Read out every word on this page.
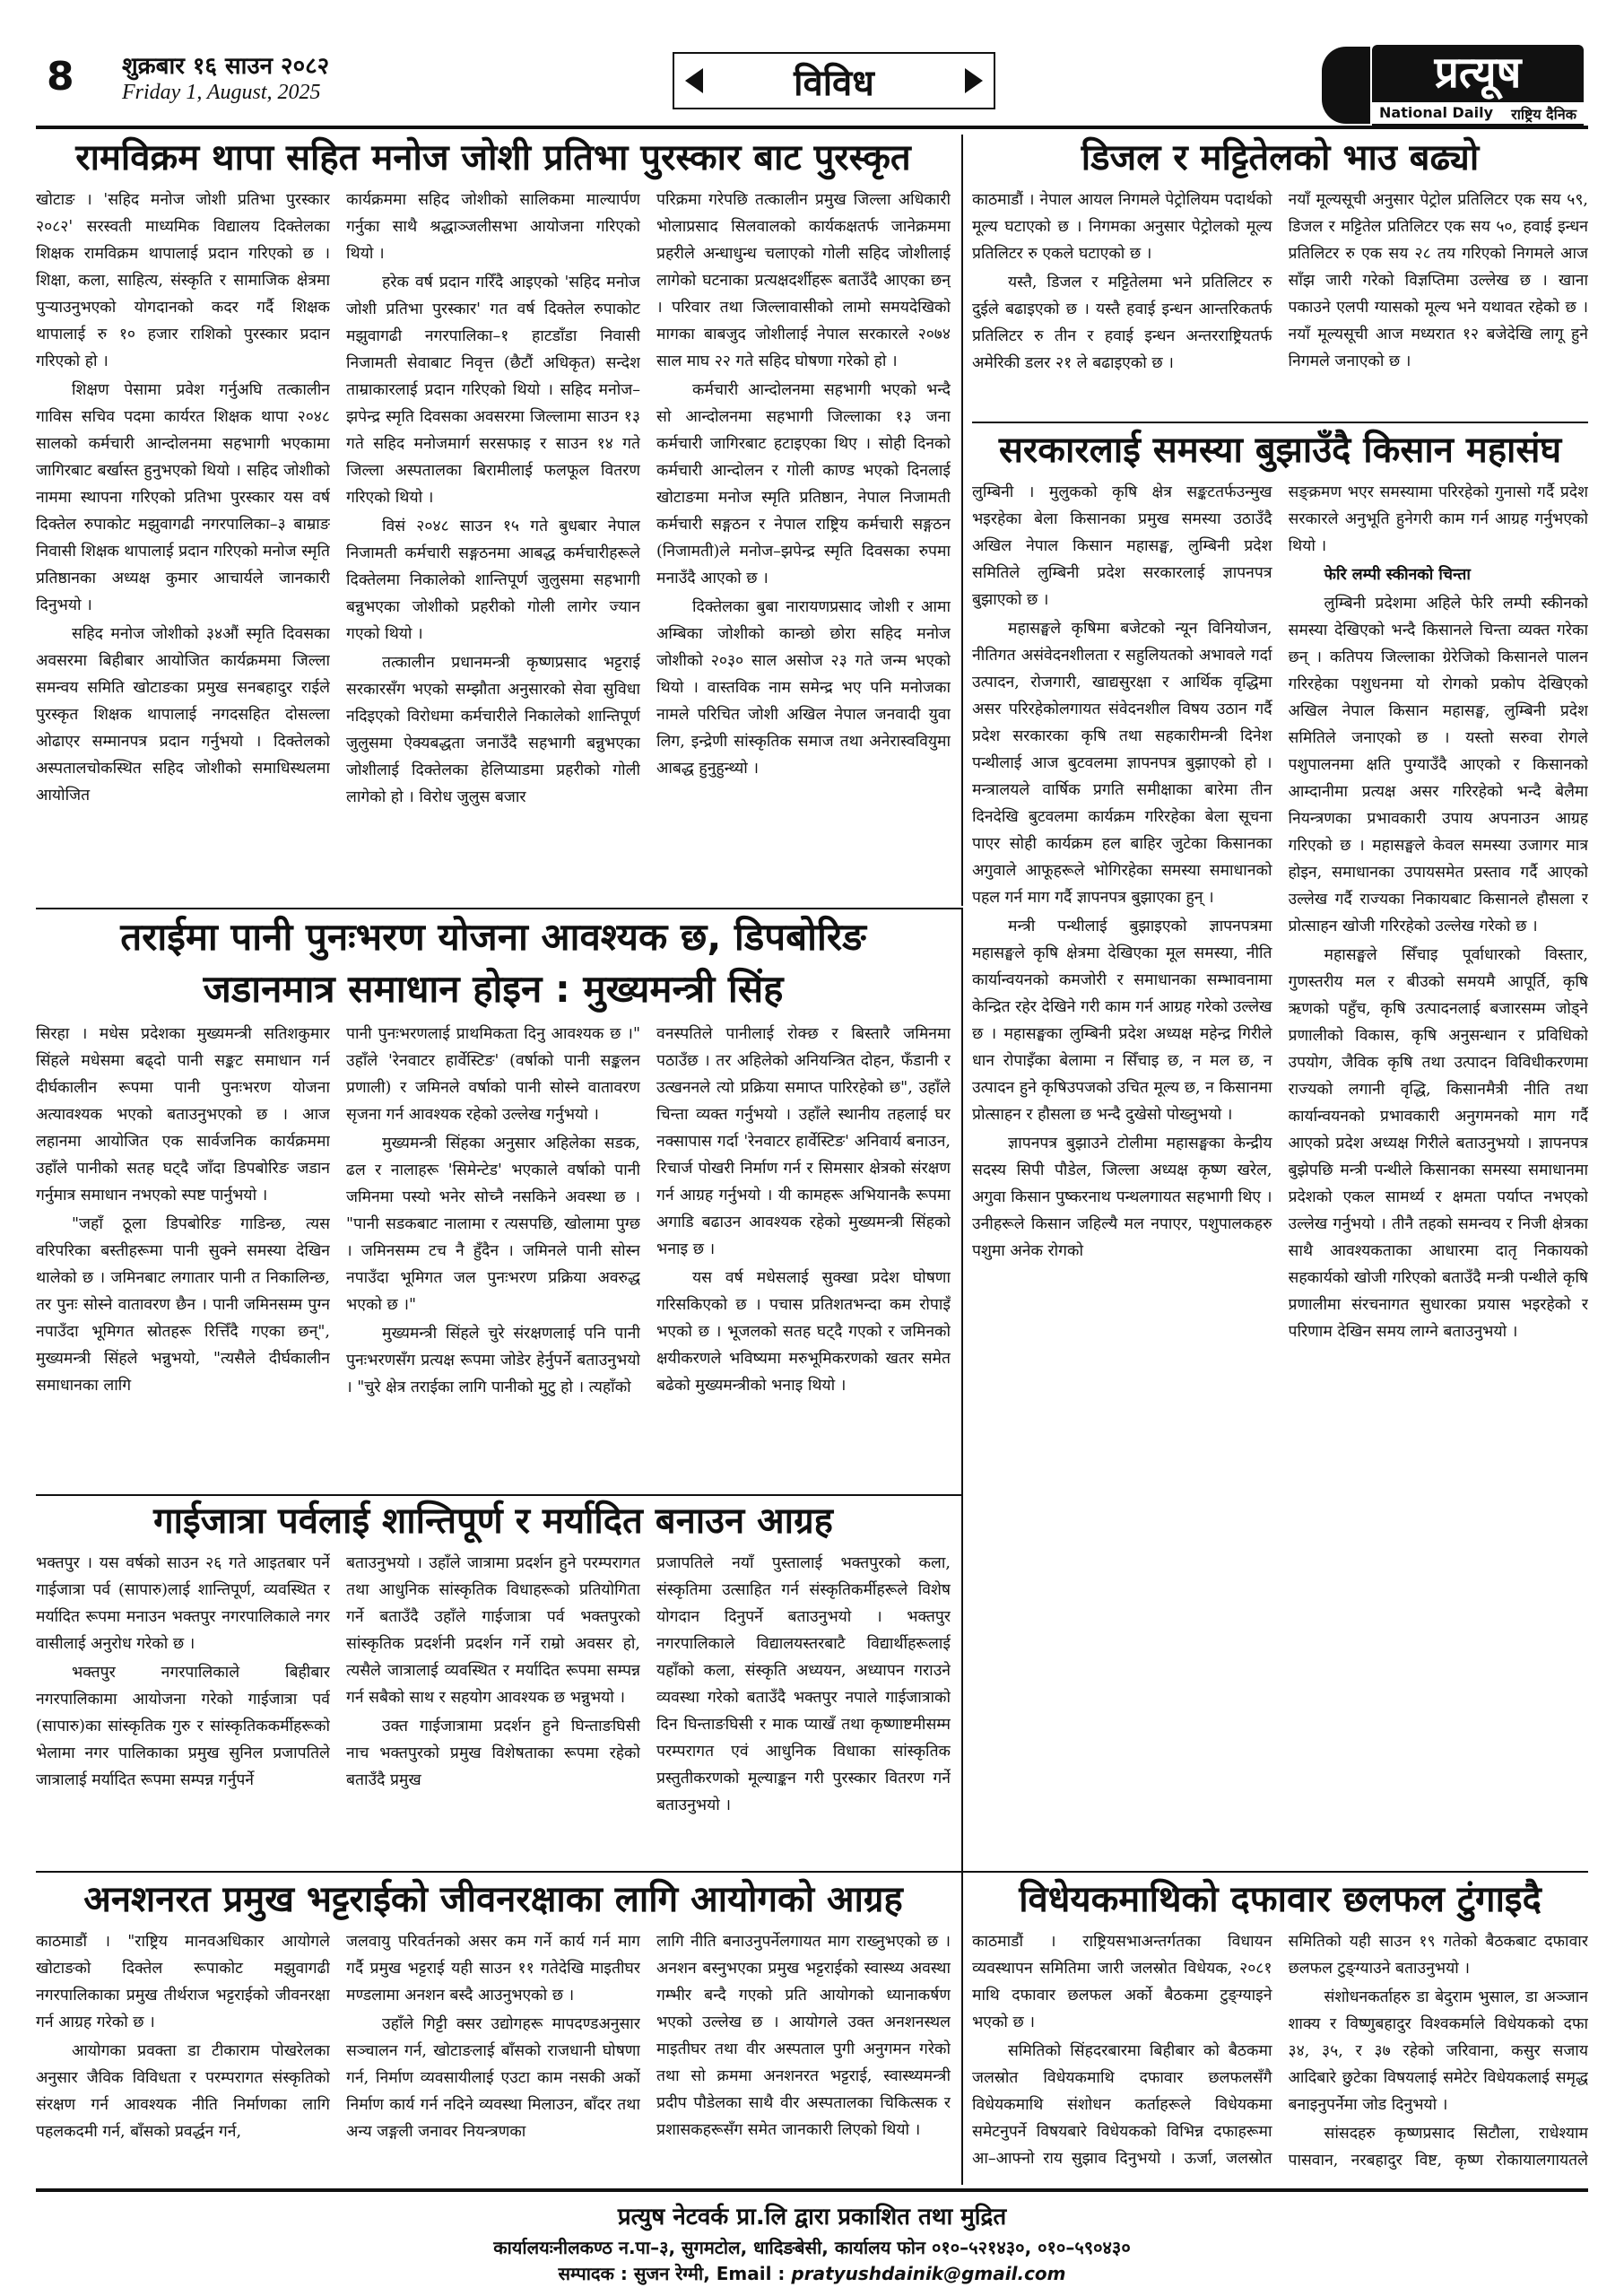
8 शुक्रबार १६ साउन २०८२
Friday 1, August, 2025	विविध	प्रत्यूष
National Daily राष्ट्रिय दैनिक
रामविक्रम थापा सहित मनोज जोशी प्रतिभा पुरस्कार बाट पुरस्कृत

खोटाङ । 'सहिद मनोज जोशी प्रतिभा पुरस्कार २०८२' सरस्वती माध्यमिक विद्यालय दिक्तेलका शिक्षक रामविक्रम थापालाई प्रदान गरिएको छ । शिक्षा, कला, साहित्य, संस्कृति र सामाजिक क्षेत्रमा पुर्‍याउनुभएको योगदानको कदर गर्दै शिक्षक थापालाई रु १० हजार राशिको पुरस्कार प्रदान गरिएको हो ।

शिक्षण पेसामा प्रवेश गर्नुअघि तत्कालीन गाविस सचिव पदमा कार्यरत शिक्षक थापा २०४८ सालको कर्मचारी आन्दोलनमा सहभागी भएकामा जागिरबाट बर्खास्त हुनुभएको थियो । सहिद जोशीको नाममा स्थापना गरिएको प्रतिभा पुरस्कार यस वर्ष दिक्तेल रुपाकोट मझुवागढी नगरपालिका–३ बाम्राङ निवासी शिक्षक थापालाई प्रदान गरिएको मनोज स्मृति प्रतिष्ठानका अध्यक्ष कुमार आचार्यले जानकारी दिनुभयो ।

सहिद मनोज जोशीको ३४औं स्मृति दिवसका अवसरमा बिहीबार आयोजित कार्यक्रममा जिल्ला समन्वय समिति खोटाङका प्रमुख सनबहादुर राईले पुरस्कृत शिक्षक थापालाई नगदसहित दोसल्ला ओढाएर सम्मानपत्र प्रदान गर्नुभयो । दिक्तेलको अस्पतालचोकस्थित सहिद जोशीको समाधिस्थलमा आयोजित

कार्यक्रममा सहिद जोशीको सालिकमा माल्यार्पण गर्नुका साथै श्रद्धाञ्जलीसभा आयोजना गरिएको थियो ।

हरेक वर्ष प्रदान गरिँदै आइएको 'सहिद मनोज जोशी प्रतिभा पुरस्कार' गत वर्ष दिक्तेल रुपाकोट मझुवागढी नगरपालिका–१ हाटडाँडा निवासी निजामती सेवाबाट निवृत्त (छैटौं अधिकृत) सन्देश ताम्राकारलाई प्रदान गरिएको थियो । सहिद मनोज–झपेन्द्र स्मृति दिवसका अवसरमा जिल्लामा साउन १३ गते सहिद मनोजमार्ग सरसफाइ र साउन १४ गते जिल्ला अस्पतालका बिरामीलाई फलफूल वितरण गरिएको थियो ।

विसं २०४८ साउन १५ गते बुधबार नेपाल निजामती कर्मचारी सङ्गठनमा आबद्ध कर्मचारीहरूले दिक्तेलमा निकालेको शान्तिपूर्ण जुलुसमा सहभागी बन्नुभएका जोशीको प्रहरीको गोली लागेर ज्यान गएको थियो ।

तत्कालीन प्रधानमन्त्री कृष्णप्रसाद भट्टराई सरकारसँग भएको सम्झौता अनुसारको सेवा सुविधा नदिइएको विरोधमा कर्मचारीले निकालेको शान्तिपूर्ण जुलुसमा ऐक्यबद्धता जनाउँदै सहभागी बन्नुभएका जोशीलाई दिक्तेलका हेलिप्याडमा प्रहरीको गोली लागेको हो । विरोध जुलुस बजार

परिक्रमा गरेपछि तत्कालीन प्रमुख जिल्ला अधिकारी भोलाप्रसाद सिलवालको कार्यकक्षतर्फ जानेक्रममा प्रहरीले अन्धाधुन्ध चलाएको गोली सहिद जोशीलाई लागेको घटनाका प्रत्यक्षदर्शीहरू बताउँदै आएका छन् । परिवार तथा जिल्लावासीको लामो समयदेखिको मागका बाबजुद जोशीलाई नेपाल सरकारले २०७४ साल माघ २२ गते सहिद घोषणा गरेको हो ।

कर्मचारी आन्दोलनमा सहभागी भएको भन्दै सो आन्दोलनमा सहभागी जिल्लाका १३ जना कर्मचारी जागिरबाट हटाइएका थिए । सोही दिनको कर्मचारी आन्दोलन र गोली काण्ड भएको दिनलाई खोटाङमा मनोज स्मृति प्रतिष्ठान, नेपाल निजामती कर्मचारी सङ्गठन र नेपाल राष्ट्रिय कर्मचारी सङ्गठन (निजामती)ले मनोज–झपेन्द्र स्मृति दिवसका रुपमा मनाउँदै आएको छ ।

दिक्तेलका बुबा नारायणप्रसाद जोशी र आमा अम्बिका जोशीको कान्छो छोरा सहिद मनोज जोशीको २०३० साल असोज २३ गते जन्म भएको थियो । वास्तविक नाम समेन्द्र भए पनि मनोजका नामले परिचित जोशी अखिल नेपाल जनवादी युवा लिग, इन्द्रेणी सांस्कृतिक समाज तथा अनेरास्ववियुमा आबद्ध हुनुहुन्थ्यो ।

डिजल र मट्टितेलको भाउ बढ्यो

काठमाडौं । नेपाल आयल निगमले पेट्रोलियम पदार्थको मूल्य घटाएको छ । निगमका अनुसार पेट्रोलको मूल्य प्रतिलिटर रु एकले घटाएको छ ।

यस्तै, डिजल र मट्टितेलमा भने प्रतिलिटर रु दुईले बढाइएको छ । यस्तै हवाई इन्धन आन्तरिकतर्फ प्रतिलिटर रु तीन र हवाई इन्धन अन्तरराष्ट्रियतर्फ अमेरिकी डलर २१ ले बढाइएको छ ।

नयाँ मूल्यसूची अनुसार पेट्रोल प्रतिलिटर एक सय ५९, डिजल र मट्टितेल प्रतिलिटर एक सय ५०, हवाई इन्धन प्रतिलिटर रु एक सय २८ तय गरिएको निगमले आज साँझ जारी गरेको विज्ञप्तिमा उल्लेख छ । खाना पकाउने एलपी ग्यासको मूल्य भने यथावत रहेको छ । नयाँ मूल्यसूची आज मध्यरात १२ बजेदेखि लागू हुने निगमले जनाएको छ ।

सरकारलाई समस्या बुझाउँदै किसान महासंघ

लुम्बिनी । मुलुकको कृषि क्षेत्र सङ्कटतर्फउन्मुख भइरहेका बेला किसानका प्रमुख समस्या उठाउँदै अखिल नेपाल किसान महासङ्घ, लुम्बिनी प्रदेश समितिले लुम्बिनी प्रदेश सरकारलाई ज्ञापनपत्र बुझाएको छ ।

महासङ्घले कृषिमा बजेटको न्यून विनियोजन, नीतिगत असंवेदनशीलता र सहुलियतको अभावले गर्दा उत्पादन, रोजगारी, खाद्यसुरक्षा र आर्थिक वृद्धिमा असर परिरहेकोलगायत संवेदनशील विषय उठान गर्दै प्रदेश सरकारका कृषि तथा सहकारीमन्त्री दिनेश पन्थीलाई आज बुटवलमा ज्ञापनपत्र बुझाएको हो । मन्त्रालयले वार्षिक प्रगति समीक्षाका बारेमा तीन दिनदेखि बुटवलमा कार्यक्रम गरिरहेका बेला सूचना पाएर सोही कार्यक्रम हल बाहिर जुटेका किसानका अगुवाले आफूहरूले भोगिरहेका समस्या समाधानको पहल गर्न माग गर्दै ज्ञापनपत्र बुझाएका हुन् ।

मन्त्री पन्थीलाई बुझाइएको ज्ञापनपत्रमा महासङ्घले कृषि क्षेत्रमा देखिएका मूल समस्या, नीति कार्यान्वयनको कमजोरी र समाधानका सम्भावनामा केन्द्रित रहेर देखिने गरी काम गर्न आग्रह गरेको उल्लेख छ । महासङ्घका लुम्बिनी प्रदेश अध्यक्ष महेन्द्र गिरीले धान रोपाइँका बेलामा न सिँचाइ छ, न मल छ, न उत्पादन हुने कृषिउपजको उचित मूल्य छ, न किसानमा प्रोत्साहन र हौसला छ भन्दै दुखेसो पोख्नुभयो ।

ज्ञापनपत्र बुझाउने टोलीमा महासङ्घका केन्द्रीय सदस्य सिपी पौडेल, जिल्ला अध्यक्ष कृष्ण खरेल, अगुवा किसान पुष्करनाथ पन्थलगायत सहभागी थिए । उनीहरूले किसान जहिल्यै मल नपाएर, पशुपालकहरु पशुमा अनेक रोगको

सङ्क्रमण भएर समस्यामा परिरहेको गुनासो गर्दै प्रदेश सरकारले अनुभूति हुनेगरी काम गर्न आग्रह गर्नुभएको थियो ।

फेरि लम्पी स्कीनको चिन्ता

लुम्बिनी प्रदेशमा अहिले फेरि लम्पी स्कीनको समस्या देखिएको भन्दै किसानले चिन्ता व्यक्त गरेका छन् । कतिपय जिल्लाका ग्रेरेजिको किसानले पालन गरिरहेका पशुधनमा यो रोगको प्रकोप देखिएको अखिल नेपाल किसान महासङ्घ, लुम्बिनी प्रदेश समितिले जनाएको छ । यस्तो सरुवा रोगले पशुपालनमा क्षति पुग्याउँदै आएको र किसानको आम्दानीमा प्रत्यक्ष असर गरिरहेको भन्दै बेलैमा नियन्त्रणका प्रभावकारी उपाय अपनाउन आग्रह गरिएको छ । महासङ्घले केवल समस्या उजागर मात्र होइन, समाधानका उपायसमेत प्रस्ताव गर्दै आएको उल्लेख गर्दै राज्यका निकायबाट किसानले हौसला र प्रोत्साहन खोजी गरिरहेको उल्लेख गरेको छ ।

महासङ्घले सिँचाइ पूर्वाधारको विस्तार, गुणस्तरीय मल र बीउको समयमै आपूर्ति, कृषि ऋणको पहुँच, कृषि उत्पादनलाई बजारसम्म जोड्ने प्रणालीको विकास, कृषि अनुसन्धान र प्रविधिको उपयोग, जैविक कृषि तथा उत्पादन विविधीकरणमा राज्यको लगानी वृद्धि, किसानमैत्री नीति तथा कार्यान्वयनको प्रभावकारी अनुगमनको माग गर्दै आएको प्रदेश अध्यक्ष गिरीले बताउनुभयो । ज्ञापनपत्र बुझेपछि मन्त्री पन्थीले किसानका समस्या समाधानमा प्रदेशको एकल सामर्थ्य र क्षमता पर्याप्त नभएको उल्लेख गर्नुभयो । तीनै तहको समन्वय र निजी क्षेत्रका साथै आवश्यकताका आधारमा दातृ निकायको सहकार्यको खोजी गरिएको बताउँदै मन्त्री पन्थीले कृषि प्रणालीमा संरचनागत सुधारका प्रयास भइरहेको र परिणाम देखिन समय लाग्ने बताउनुभयो ।

तराईमा पानी पुनःभरण योजना आवश्यक छ, डिपबोरिङ
जडानमात्र समाधान होइन : मुख्यमन्त्री सिंह

सिरहा । मधेस प्रदेशका मुख्यमन्त्री सतिशकुमार सिंहले मधेसमा बढ्दो पानी सङ्कट समाधान गर्न दीर्घकालीन रूपमा पानी पुनःभरण योजना अत्यावश्यक भएको बताउनुभएको छ । आज लहानमा आयोजित एक सार्वजनिक कार्यक्रममा उहाँले पानीको सतह घट्दै जाँदा डिपबोरिङ जडान गर्नुमात्र समाधान नभएको स्पष्ट पार्नुभयो ।

"जहाँ ठूला डिपबोरिङ गाडिन्छ, त्यस वरिपरिका बस्तीहरूमा पानी सुक्ने समस्या देखिन थालेको छ । जमिनबाट लगातार पानी त निकालिन्छ, तर पुनः सोस्ने वातावरण छैन । पानी जमिनसम्म पुग्न नपाउँदा भूमिगत स्रोतहरू रित्तिँदै गएका छन्", मुख्यमन्त्री सिंहले भन्नुभयो, "त्यसैले दीर्घकालीन समाधानका लागि

पानी पुनःभरणलाई प्राथमिकता दिनु आवश्यक छ ।" उहाँले 'रेनवाटर हार्वेस्टिङ' (वर्षाको पानी सङ्कलन प्रणाली) र जमिनले वर्षाको पानी सोस्ने वातावरण सृजना गर्न आवश्यक रहेको उल्लेख गर्नुभयो ।

मुख्यमन्त्री सिंहका अनुसार अहिलेका सडक, ढल र नालाहरू 'सिमेन्टेड' भएकाले वर्षाको पानी जमिनमा पस्यो भनेर सोच्नै नसकिने अवस्था छ । "पानी सडकबाट नालामा र त्यसपछि, खोलामा पुग्छ । जमिनसम्म टच नै हुँदैन । जमिनले पानी सोस्न नपाउँदा भूमिगत जल पुनःभरण प्रक्रिया अवरुद्ध भएको छ ।"

मुख्यमन्त्री सिंहले चुरे संरक्षणलाई पनि पानी पुनःभरणसँग प्रत्यक्ष रूपमा जोडेर हेर्नुपर्ने बताउनुभयो । "चुरे क्षेत्र तराईका लागि पानीको मुटु हो । त्यहाँको

वनस्पतिले पानीलाई रोक्छ र बिस्तारै जमिनमा पठाउँछ । तर अहिलेको अनियन्त्रित दोहन, फँडानी र उत्खननले त्यो प्रक्रिया समाप्त पारिरहेको छ", उहाँले चिन्ता व्यक्त गर्नुभयो । उहाँले स्थानीय तहलाई घर नक्सापास गर्दा 'रेनवाटर हार्वेस्टिङ' अनिवार्य बनाउन, रिचार्ज पोखरी निर्माण गर्न र सिमसार क्षेत्रको संरक्षण गर्न आग्रह गर्नुभयो । यी कामहरू अभियानकै रूपमा अगाडि बढाउन आवश्यक रहेको मुख्यमन्त्री सिंहको भनाइ छ ।

यस वर्ष मधेसलाई सुक्खा प्रदेश घोषणा गरिसकिएको छ । पचास प्रतिशतभन्दा कम रोपाइँ भएको छ । भूजलको सतह घट्दै गएको र जमिनको क्षयीकरणले भविष्यमा मरुभूमिकरणको खतर समेत बढेको मुख्यमन्त्रीको भनाइ थियो ।

गाईजात्रा पर्वलाई शान्तिपूर्ण र मर्यादित बनाउन आग्रह

भक्तपुर । यस वर्षको साउन २६ गते आइतबार पर्ने गाईजात्रा पर्व (सापारु)लाई शान्तिपूर्ण, व्यवस्थित र मर्यादित रूपमा मनाउन भक्तपुर नगरपालिकाले नगर वासीलाई अनुरोध गरेको छ ।

भक्तपुर नगरपालिकाले बिहीबार नगरपालिकामा आयोजना गरेको गाईजात्रा पर्व (सापारु)का सांस्कृतिक गुरु र सांस्कृतिककर्मीहरूको भेलामा नगर पालिकाका प्रमुख सुनिल प्रजापतिले जात्रालाई मर्यादित रूपमा सम्पन्न गर्नुपर्ने

बताउनुभयो । उहाँले जात्रामा प्रदर्शन हुने परम्परागत तथा आधुनिक सांस्कृतिक विधाहरूको प्रतियोगिता गर्ने बताउँदै उहाँले गाईजात्रा पर्व भक्तपुरको सांस्कृतिक प्रदर्शनी प्रदर्शन गर्ने राम्रो अवसर हो, त्यसैले जात्रालाई व्यवस्थित र मर्यादित रूपमा सम्पन्न गर्न सबैको साथ र सहयोग आवश्यक छ भन्नुभयो ।

उक्त गाईजात्रामा प्रदर्शन हुने घिन्ताङघिसी नाच भक्तपुरको प्रमुख विशेषताका रूपमा रहेको बताउँदै प्रमुख

प्रजापतिले नयाँ पुस्तालाई भक्तपुरको कला, संस्कृतिमा उत्साहित गर्न संस्कृतिकर्मीहरूले विशेष योगदान दिनुपर्ने बताउनुभयो । भक्तपुर नगरपालिकाले विद्यालयस्तरबाटै विद्यार्थीहरूलाई यहाँको कला, संस्कृति अध्ययन, अध्यापन गराउने व्यवस्था गरेको बताउँदै भक्तपुर नपाले गाईजात्राको दिन घिन्ताङघिसी र माक प्याखँ तथा कृष्णाष्टमीसम्म परम्परागत एवं आधुनिक विधाका सांस्कृतिक प्रस्तुतीकरणको मूल्याङ्कन गरी पुरस्कार वितरण गर्ने बताउनुभयो ।

विधेयकमाथिको दफावार छलफल टुंगाइदै

काठमाडौं । राष्ट्रियसभाअन्तर्गतका विधायन व्यवस्थापन समितिमा जारी जलस्रोत विधेयक, २०८१ माथि दफावार छलफल अर्को बैठकमा टुङ्ग्याइने भएको छ ।

समितिको सिंहदरबारमा बिहीबार को बैठकमा जलस्रोत विधेयकमाथि दफावार छलफलसँगै विधेयकमाथि संशोधन कर्ताहरूले विधेयकमा समेटनुपर्ने विषयबारे विधेयकको विभिन्न दफाहरूमा आ–आफ्नो राय सुझाव दिनुभयो । ऊर्जा, जलस्रोत

समितिको यही साउन १९ गतेको बैठकबाट दफावार छलफल टुङ्ग्याउने बताउनुभयो ।

संशोधनकर्ताहरु डा बेदुराम भुसाल, डा अञ्जान शाक्य र विष्णुबहादुर विश्वकर्माले विधेयकको दफा ३४, ३५, र ३७ रहेको जरिवाना, कसुर सजाय आदिबारे छुटेका विषयलाई समेटेर विधेयकलाई समृद्ध बनाइनुपर्नेमा जोड दिनुभयो ।

सांसदहरु कृष्णप्रसाद सिटौला, राधेश्याम पासवान, नरबहादुर विष्ट, कृष्ण रोकायालगायतले

अनशनरत प्रमुख भट्टराईको जीवनरक्षाका लागि आयोगको आग्रह

काठमाडौं । "राष्ट्रिय मानवअधिकार आयोगले खोटाङको दिक्तेल रूपाकोट मझुवागढी नगरपालिकाका प्रमुख तीर्थराज भट्टराईको जीवनरक्षा गर्न आग्रह गरेको छ ।

आयोगका प्रवक्ता डा टीकाराम पोखरेलका अनुसार जैविक विविधता र परम्परागत संस्कृतिको संरक्षण गर्न आवश्यक नीति निर्माणका लागि पहलकदमी गर्न, बाँसको प्रवर्द्धन गर्न,

जलवायु परिवर्तनको असर कम गर्ने कार्य गर्न माग गर्दै प्रमुख भट्टराई यही साउन ११ गतेदेखि माइतीघर मण्डलामा अनशन बस्दै आउनुभएको छ ।

उहाँले गिट्टी क्सर उद्योगहरू मापदण्डअनुसार सञ्चालन गर्न, खोटाङलाई बाँसको राजधानी घोषणा गर्न, निर्माण व्यवसायीलाई एउटा काम नसकी अर्को निर्माण कार्य गर्न नदिने व्यवस्था मिलाउन, बाँदर तथा अन्य जङ्गली जनावर नियन्त्रणका

लागि नीति बनाउनुपर्नेलगायत माग राख्नुभएको छ । अनशन बस्नुभएका प्रमुख भट्टराईको स्वास्थ्य अवस्था गम्भीर बन्दै गएको प्रति आयोगको ध्यानाकर्षण भएको उल्लेख छ । आयोगले उक्त अनशनस्थल माइतीघर तथा वीर अस्पताल पुगी अनुगमन गरेको तथा सो क्रममा अनशनरत भट्टराई, स्वास्थ्यमन्त्री प्रदीप पौडेलका साथै वीर अस्पतालका चिकित्सक र प्रशासकहरूसँग समेत जानकारी लिएको थियो ।

प्रत्युष नेटवर्क प्रा.लि द्वारा प्रकाशित तथा मुद्रित
कार्यालयःनीलकण्ठ न.पा–३, सुगमटोल, धादिङबेसी, कार्यालय फोन ०१०–५२१४३०, ०१०–५९०४३०
सम्पादक : सुजन रेग्मी, Email : pratyushdainik@gmail.com
